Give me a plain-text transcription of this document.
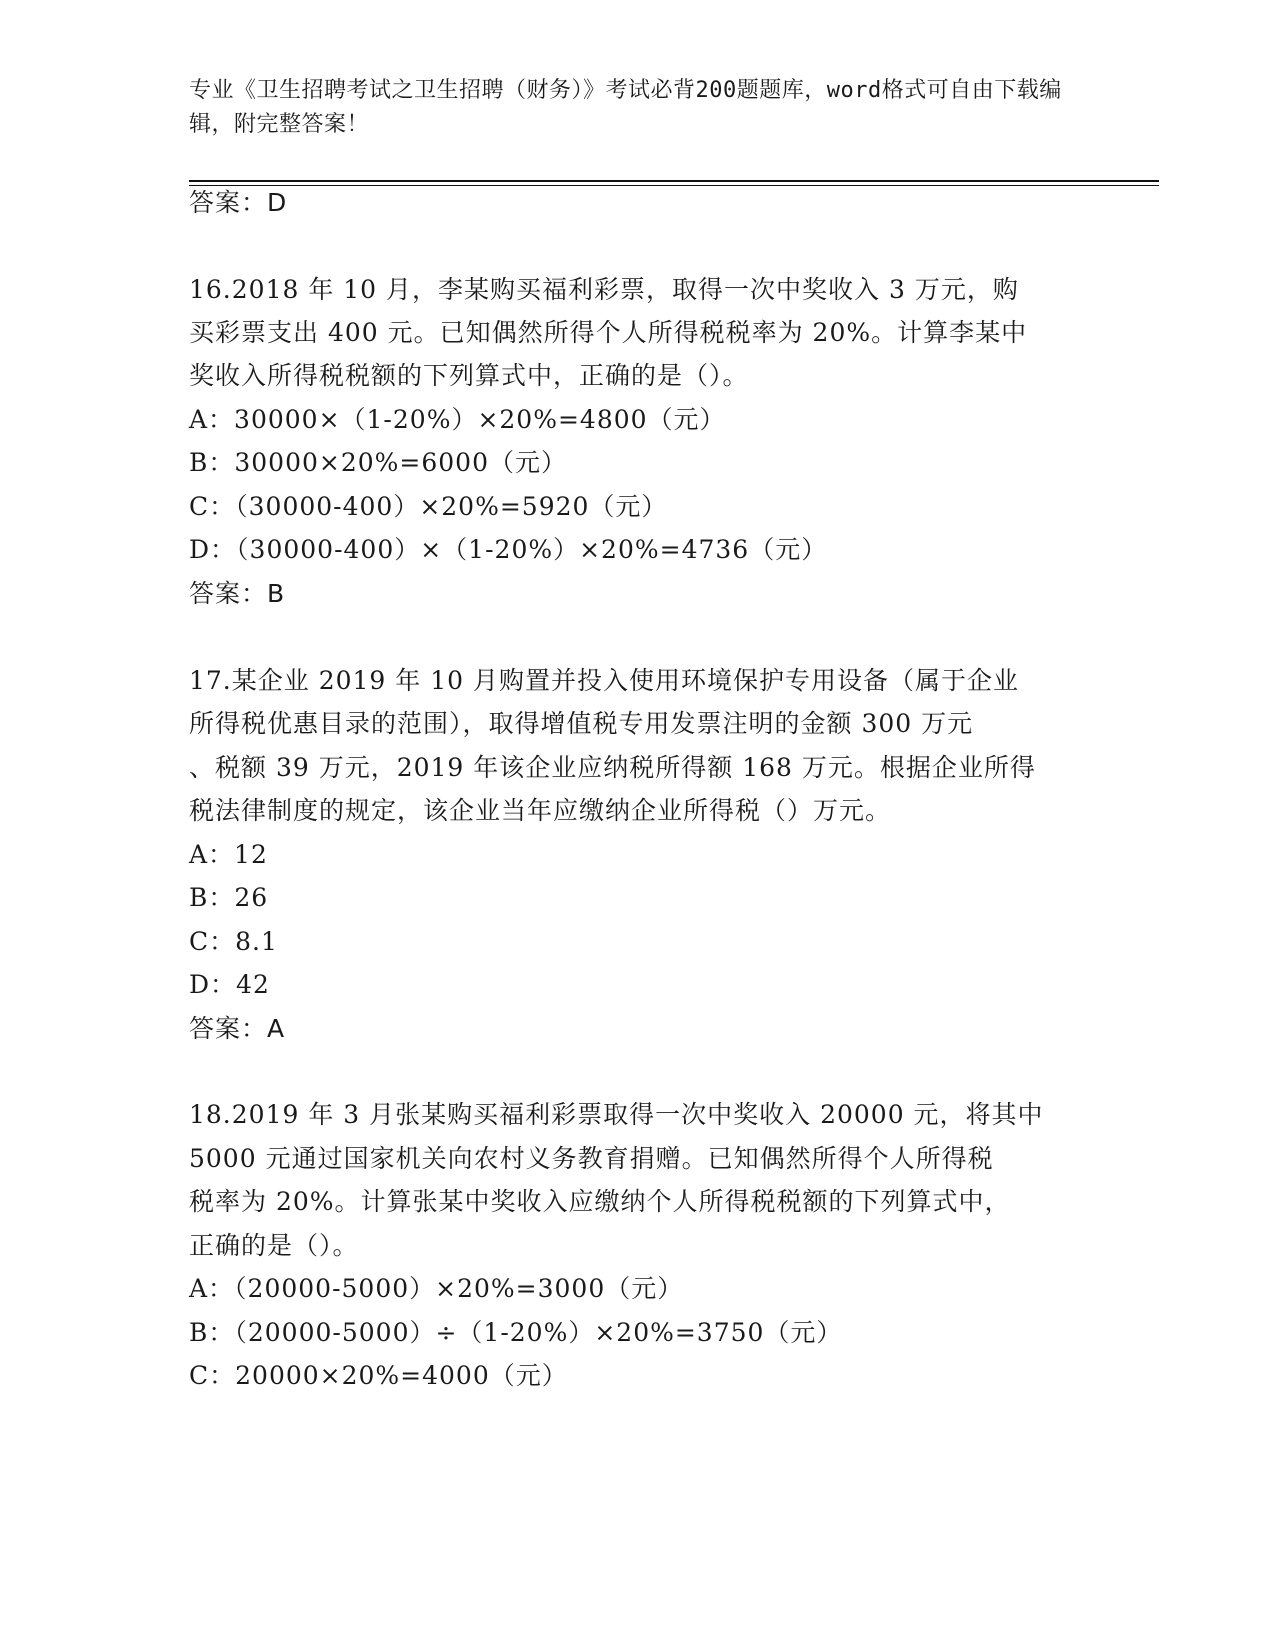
专业《卫生招聘考试之卫生招聘（财务）》考试必背200题题库，word格式可自由下载编辑，附完整答案！
答案：D
16.2018 年 10 月，李某购买福利彩票，取得一次中奖收入 3 万元，购
买彩票支出 400 元。已知偶然所得个人所得税税率为 20%。计算李某中
奖收入所得税税额的下列算式中，正确的是（）。
A：30000×（1-20%）×20%=4800（元）
B：30000×20%=6000（元）
C：（30000-400）×20%=5920（元）
D：（30000-400）×（1-20%）×20%=4736（元）
答案：B
17.某企业 2019 年 10 月购置并投入使用环境保护专用设备（属于企业
所得税优惠目录的范围），取得增值税专用发票注明的金额 300 万元
、税额 39 万元，2019 年该企业应纳税所得额 168 万元。根据企业所得
税法律制度的规定，该企业当年应缴纳企业所得税（）万元。
A：12
B：26
C：8.1
D：42
答案：A
18.2019 年 3 月张某购买福利彩票取得一次中奖收入 20000 元，将其中
5000 元通过国家机关向农村义务教育捐赠。已知偶然所得个人所得税
税率为 20%。计算张某中奖收入应缴纳个人所得税税额的下列算式中，
正确的是（）。
A：（20000-5000）×20%=3000（元）
B：（20000-5000）÷（1-20%）×20%=3750（元）
C：20000×20%=4000（元）
